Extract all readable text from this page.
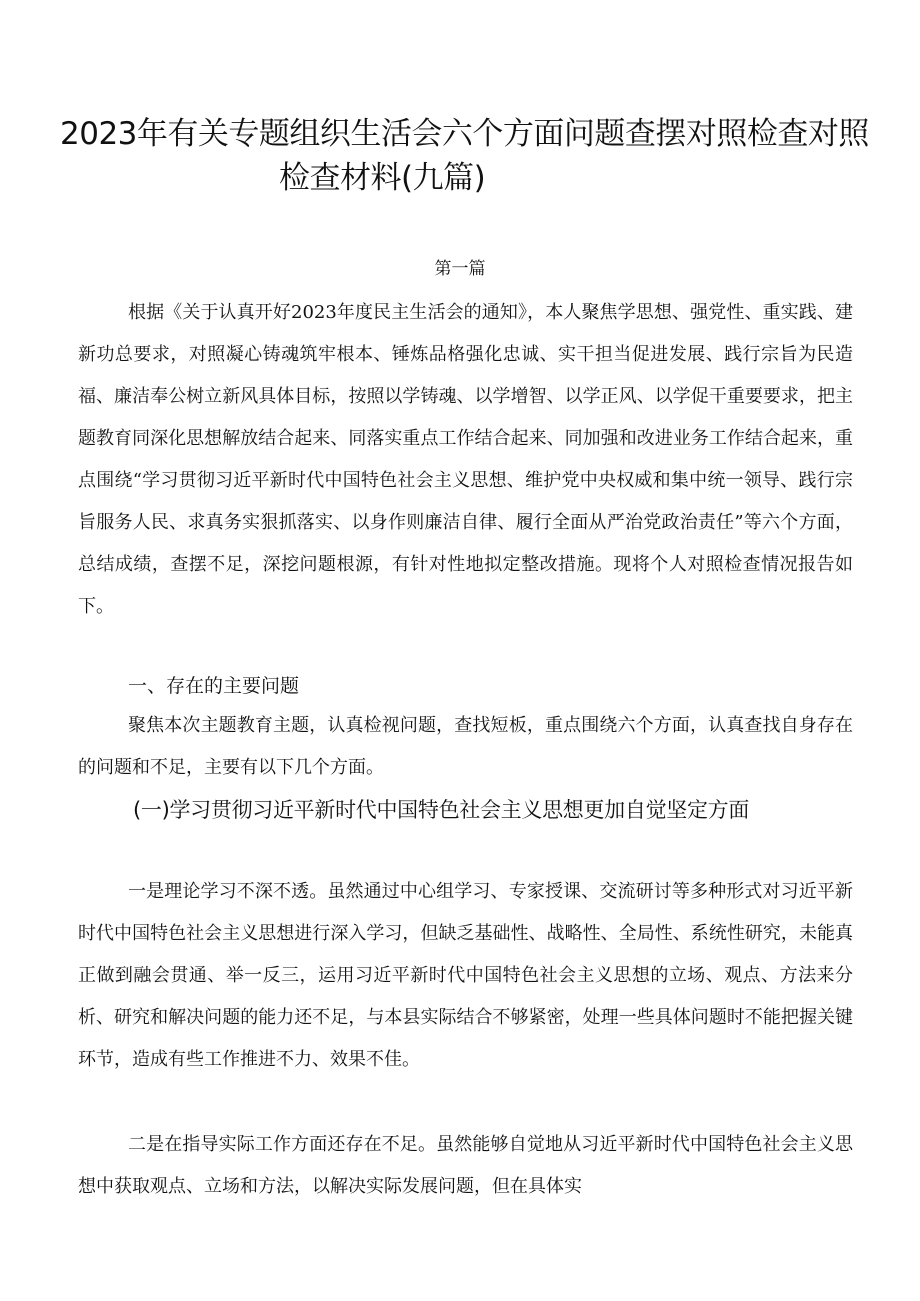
2023年有关专题组织生活会六个方面问题查摆对照检查对照
检查材料(九篇)
第一篇

根据《关于认真开好2023年度民主生活会的通知》，本人聚焦学思想、强党性、重实践、建新功总要求，对照凝心铸魂筑牢根本、锤炼品格强化忠诚、实干担当促进发展、践行宗旨为民造福、廉洁奉公树立新风具体目标，按照以学铸魂、以学增智、以学正风、以学促干重要要求，把主题教育同深化思想解放结合起来、同落实重点工作结合起来、同加强和改进业务工作结合起来，重点围绕“学习贯彻习近平新时代中国特色社会主义思想、维护党中央权威和集中统一领导、践行宗旨服务人民、求真务实狠抓落实、以身作则廉洁自律、履行全面从严治党政治责任”等六个方面，总结成绩，查摆不足，深挖问题根源，有针对性地拟定整改措施。现将个人对照检查情况报告如下。

一、存在的主要问题

聚焦本次主题教育主题，认真检视问题，查找短板，重点围绕六个方面，认真查找自身存在的问题和不足，主要有以下几个方面。

(一)学习贯彻习近平新时代中国特色社会主义思想更加自觉坚定方面

一是理论学习不深不透。虽然通过中心组学习、专家授课、交流研讨等多种形式对习近平新时代中国特色社会主义思想进行深入学习，但缺乏基础性、战略性、全局性、系统性研究，未能真正做到融会贯通、举一反三，运用习近平新时代中国特色社会主义思想的立场、观点、方法来分析、研究和解决问题的能力还不足，与本县实际结合不够紧密，处理一些具体问题时不能把握关键环节，造成有些工作推进不力、效果不佳。

二是在指导实际工作方面还存在不足。虽然能够自觉地从习近平新时代中国特色社会主义思想中获取观点、立场和方法，以解决实际发展问题，但在具体实
